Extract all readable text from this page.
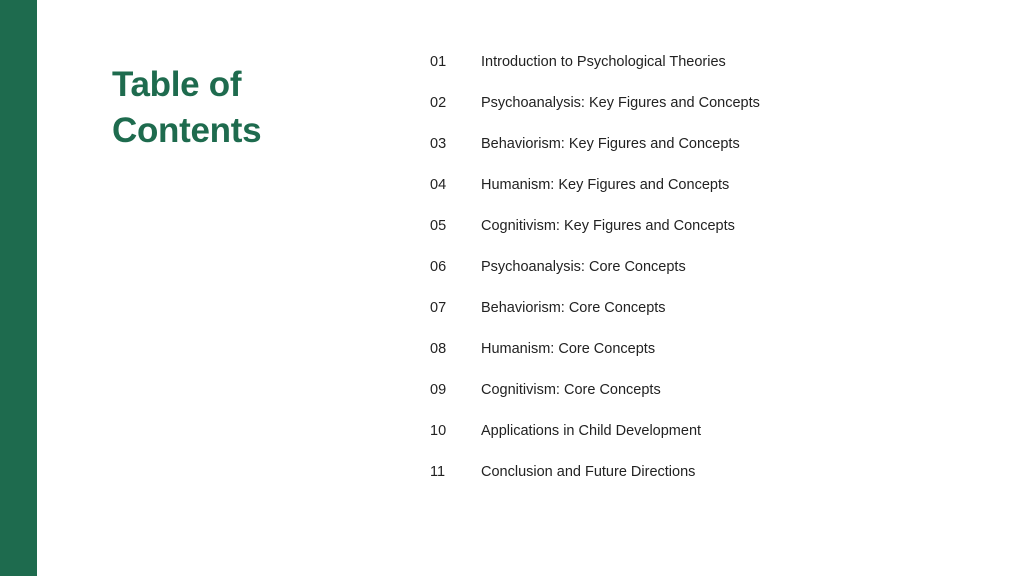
Table of
Contents
01	Introduction to Psychological Theories
02	Psychoanalysis: Key Figures and Concepts
03	Behaviorism: Key Figures and Concepts
04	Humanism: Key Figures and Concepts
05	Cognitivism: Key Figures and Concepts
06	Psychoanalysis: Core Concepts
07	Behaviorism: Core Concepts
08	Humanism: Core Concepts
09	Cognitivism: Core Concepts
10	Applications in Child Development
11	Conclusion and Future Directions
